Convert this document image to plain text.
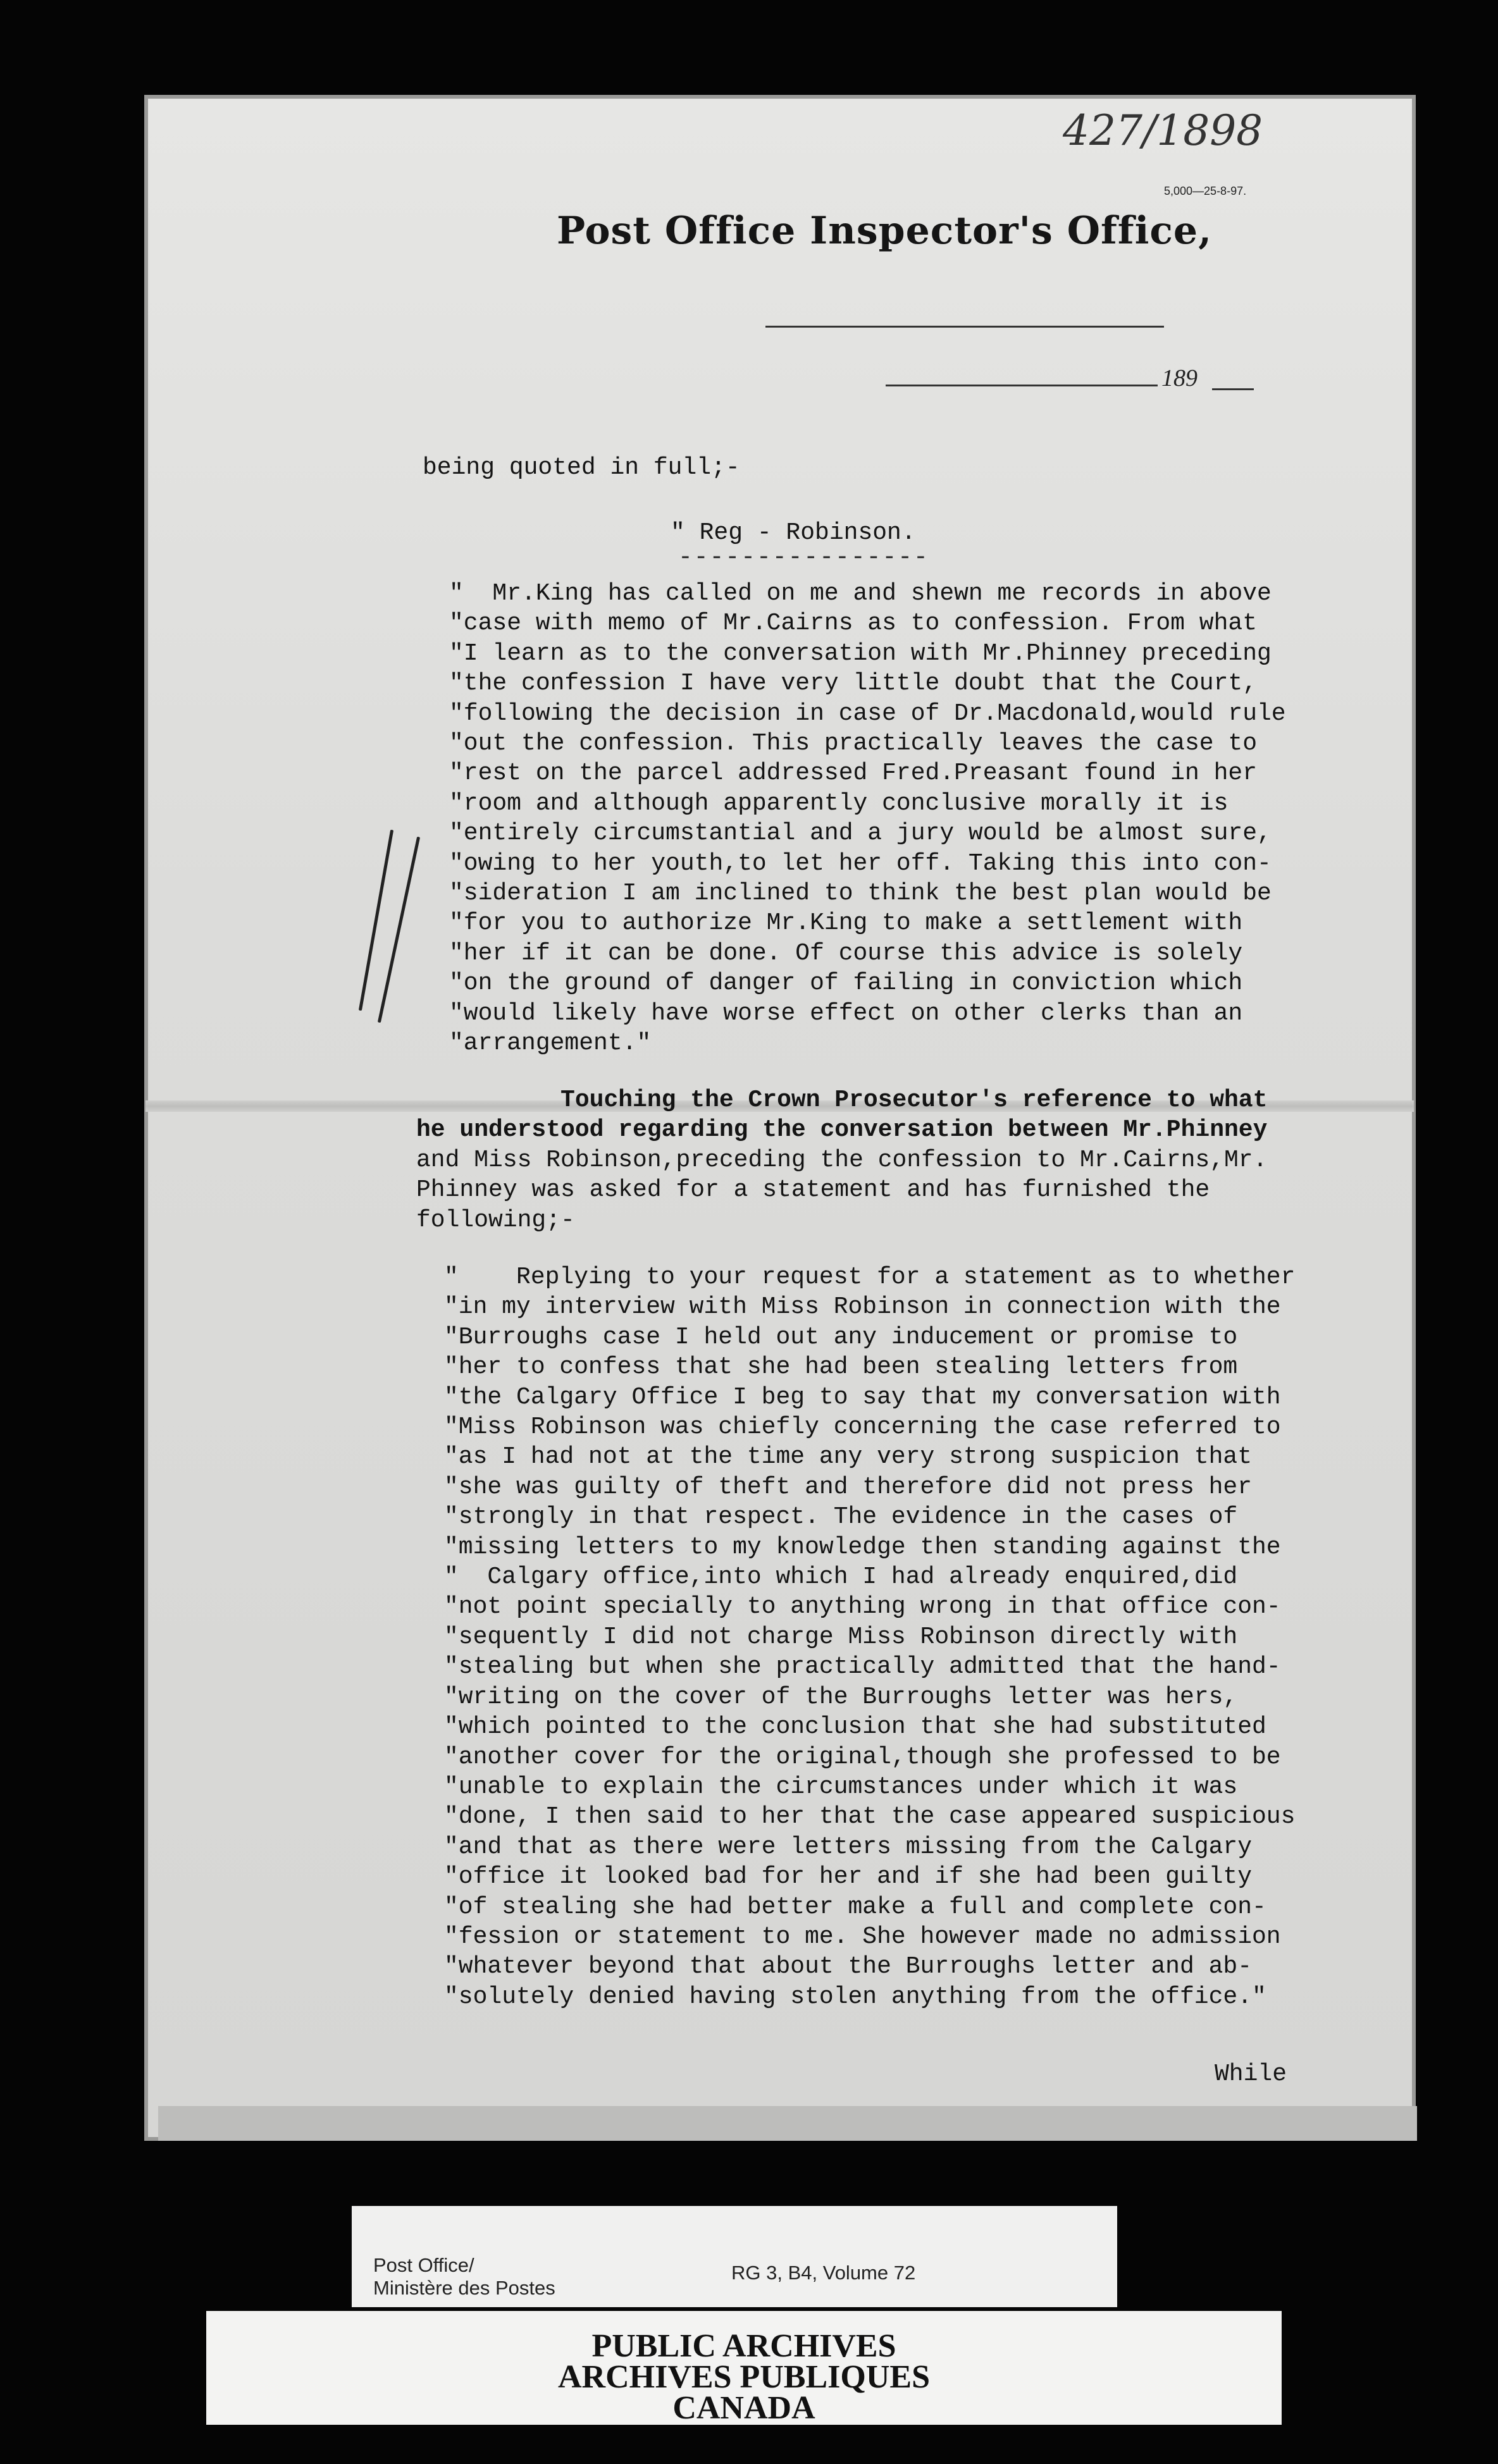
427/1898
5,000—25-8-97.
Post Office Inspector's Office,
189
being quoted in full;-
" Reg - Robinson.
----------------
"  Mr.King has called on me and shewn me records in above
"case with memo of Mr.Cairns as to confession. From what
"I learn as to the conversation with Mr.Phinney preceding
"the confession I have very little doubt that the Court,
"following the decision in case of Dr.Macdonald,would rule
"out the confession. This practically leaves the case to
"rest on the parcel addressed Fred.Preasant found in her
"room and although apparently conclusive morally it is
"entirely circumstantial and a jury would be almost sure,
"owing to her youth,to let her off. Taking this into con-
"sideration I am inclined to think the best plan would be
"for you to authorize Mr.King to make a settlement with
"her if it can be done. Of course this advice is solely
"on the ground of danger of failing in conviction which
"would likely have worse effect on other clerks than an
"arrangement."
Touching the Crown Prosecutor's reference to what
he understood regarding the conversation between Mr.Phinney
and Miss Robinson,preceding the confession to Mr.Cairns,Mr.
Phinney was asked for a statement and has furnished the
following;-
"    Replying to your request for a statement as to whether
"in my interview with Miss Robinson in connection with the
"Burroughs case I held out any inducement or promise to
"her to confess that she had been stealing letters from
"the Calgary Office I beg to say that my conversation with
"Miss Robinson was chiefly concerning the case referred to
"as I had not at the time any very strong suspicion that
"she was guilty of theft and therefore did not press her
"strongly in that respect. The evidence in the cases of
"missing letters to my knowledge then standing against the
"  Calgary office,into which I had already enquired,did
"not point specially to anything wrong in that office con-
"sequently I did not charge Miss Robinson directly with
"stealing but when she practically admitted that the hand-
"writing on the cover of the Burroughs letter was hers,
"which pointed to the conclusion that she had substituted
"another cover for the original,though she professed to be
"unable to explain the circumstances under which it was
"done, I then said to her that the case appeared suspicious
"and that as there were letters missing from the Calgary
"office it looked bad for her and if she had been guilty
"of stealing she had better make a full and complete con-
"fession or statement to me. She however made no admission
"whatever beyond that about the Burroughs letter and ab-
"solutely denied having stolen anything from the office."
While
Post Office/
Ministère des Postes
RG 3, B4, Volume 72
PUBLIC ARCHIVES
ARCHIVES PUBLIQUES
CANADA
